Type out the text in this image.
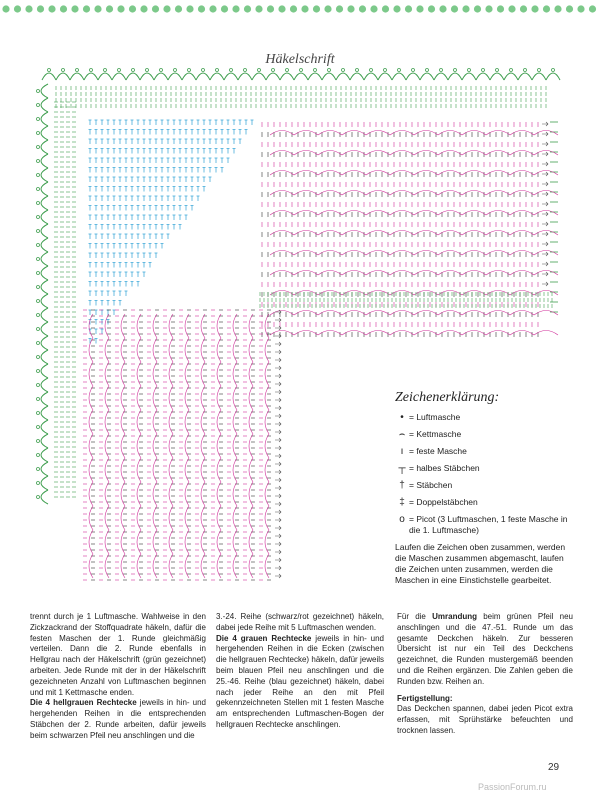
Häkelschrift
Zeichenerklärung:
• = Luftmasche
⌢ = Kettmasche
ı = feste Masche
┬ = halbes Stäbchen
† = Stäbchen
‡ = Doppelstäbchen
o = Picot (3 Luftmaschen, 1 feste Masche in die 1. Luftmasche)
Laufen die Zeichen oben zusammen, werden die Maschen zusammen abgemascht, laufen die Zeichen unten zusammen, werden die Maschen in eine Einstichstelle gearbeitet.

trennt durch je 1 Luftmasche. Wahlweise in den Zickzackrand der Stoffquadrate häkeln, dafür die festen Maschen der 1. Runde gleichmäßig verteilen. Dann die 2. Runde ebenfalls in Hellgrau nach der Häkelschrift (grün gezeichnet) arbeiten. Jede Runde mit der in der Häkelschrift gezeichneten Anzahl von Luftmaschen beginnen und mit 1 Kettmasche enden.

Die 4 hellgrauen Rechtecke jeweils in hin- und hergehenden Reihen in die entsprechenden Stäbchen der 2. Runde arbeiten, dafür jeweils beim schwarzen Pfeil neu anschlingen und die

3.-24. Reihe (schwarz/rot gezeichnet) häkeln, dabei jede Reihe mit 5 Luftmaschen wenden.

Die 4 grauen Rechtecke jeweils in hin- und hergehenden Reihen in die Ecken (zwischen die hellgrauen Rechtecke) häkeln, dafür jeweils beim blauen Pfeil neu anschlingen und die 25.-46. Reihe (blau gezeichnet) häkeln, dabei nach jeder Reihe an den mit Pfeil gekennzeichneten Stellen mit 1 festen Masche am entsprechenden Luftmaschen-Bogen der hellgrauen Rechtecke anschlingen.

Für die Umrandung beim grünen Pfeil neu anschlingen und die 47.-51. Runde um das gesamte Deckchen häkeln. Zur besseren Übersicht ist nur ein Teil des Deckchens gezeichnet, die Runden mustergemäß beenden und die Reihen ergänzen. Die Zahlen geben die Runden bzw. Reihen an.

Fertigstellung:

Das Deckchen spannen, dabei jeden Picot extra erfassen, mit Sprühstärke befeuchten und trocknen lassen.

29
PassionForum.ru
